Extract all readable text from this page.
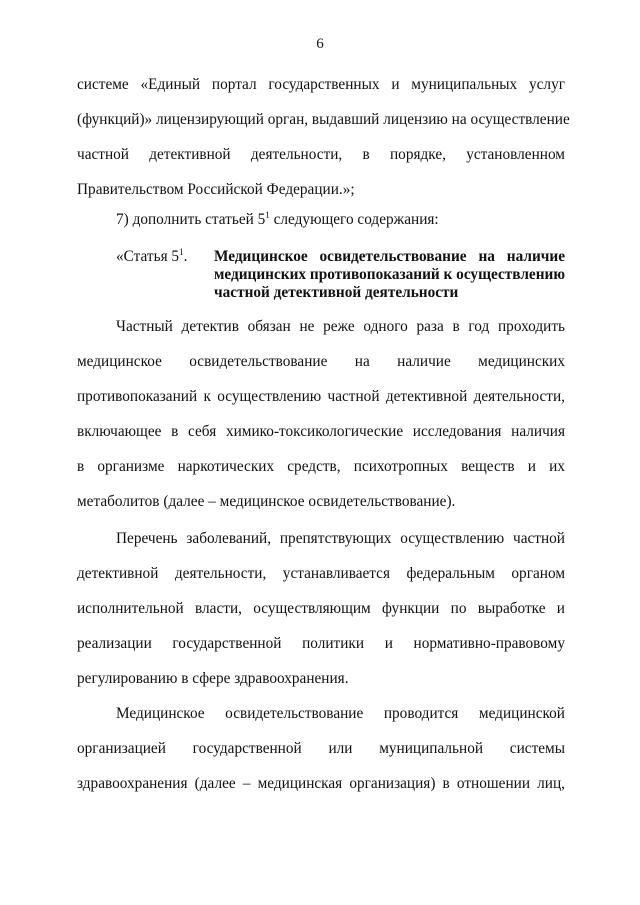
6
системе «Единый портал государственных и муниципальных услуг
(функций)» лицензирующий орган, выдавший лицензию на осуществление
частной детективной деятельности, в порядке, установленном
Правительством Российской Федерации.»;
7) дополнить статьей $5^1$ следующего содержания:
«Статья $5^1$. Медицинское освидетельствование на наличие
медицинских противопоказаний к осуществлению
частной детективной деятельности
Частный детектив обязан не реже одного раза в год проходить
медицинское освидетельствование на наличие медицинских
противопоказаний к осуществлению частной детективной деятельности,
включающее в себя химико-токсикологические исследования наличия
в организме наркотических средств, психотропных веществ и их
метаболитов (далее – медицинское освидетельствование).
Перечень заболеваний, препятствующих осуществлению частной
детективной деятельности, устанавливается федеральным органом
исполнительной власти, осуществляющим функции по выработке и
реализации государственной политики и нормативно-правовому
регулированию в сфере здравоохранения.
Медицинское освидетельствование проводится медицинской
организацией государственной или муниципальной системы
здравоохранения (далее – медицинская организация) в отношении лиц,
